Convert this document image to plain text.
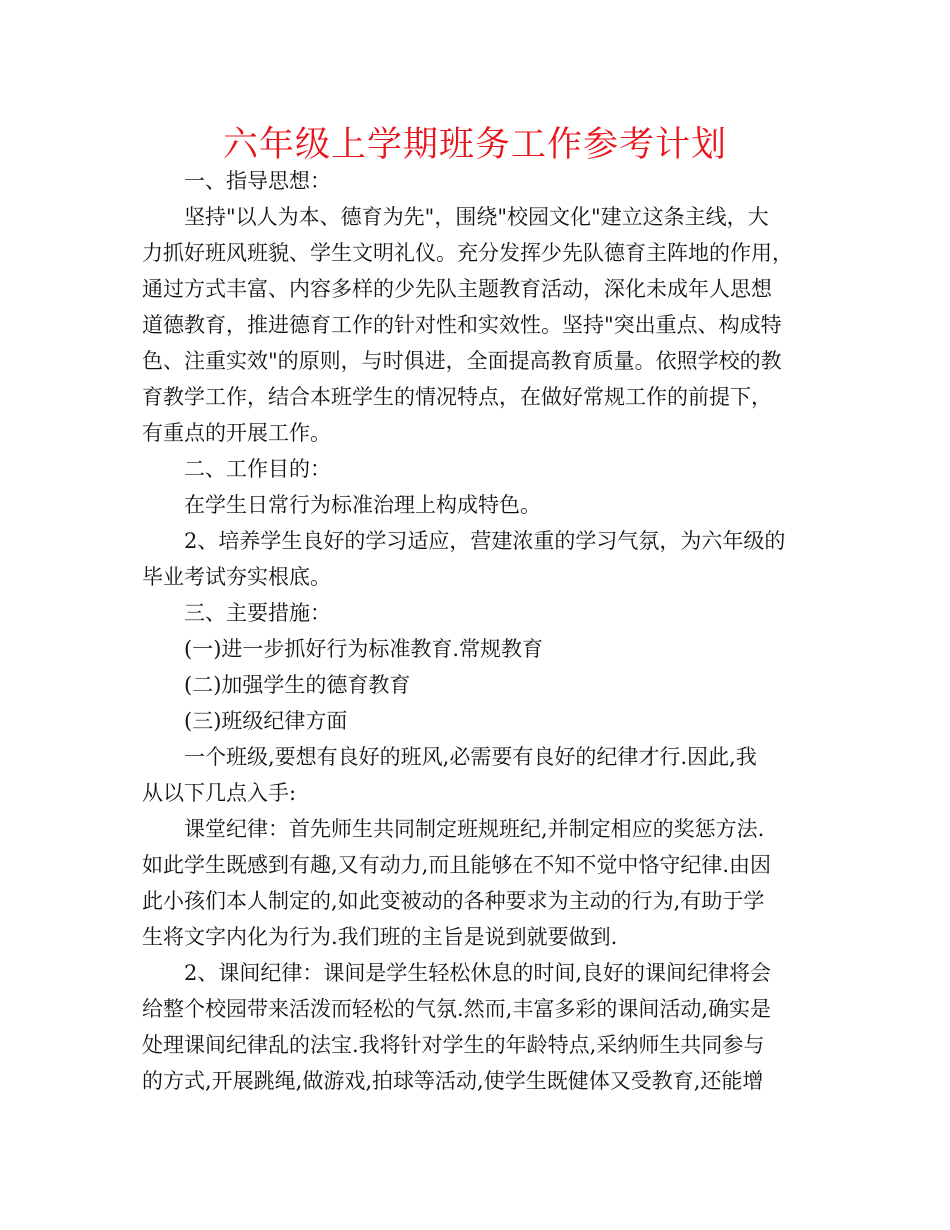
六年级上学期班务工作参考计划

一、指导思想：

坚持"以人为本、德育为先"，围绕"校园文化"建立这条主线，大

力抓好班风班貌、学生文明礼仪。充分发挥少先队德育主阵地的作用，

通过方式丰富、内容多样的少先队主题教育活动，深化未成年人思想

道德教育，推进德育工作的针对性和实效性。坚持"突出重点、构成特

色、注重实效"的原则，与时俱进，全面提高教育质量。依照学校的教

育教学工作，结合本班学生的情况特点，在做好常规工作的前提下，

有重点的开展工作。

二、工作目的：

在学生日常行为标准治理上构成特色。

2、培养学生良好的学习适应，营建浓重的学习气氛，为六年级的

毕业考试夯实根底。

三、主要措施：

(一)进一步抓好行为标准教育.常规教育

(二)加强学生的德育教育

(三)班级纪律方面

一个班级,要想有良好的班风,必需要有良好的纪律才行.因此,我

从以下几点入手:

课堂纪律：首先师生共同制定班规班纪,并制定相应的奖惩方法.

如此学生既感到有趣,又有动力,而且能够在不知不觉中恪守纪律.由因

此小孩们本人制定的,如此变被动的各种要求为主动的行为,有助于学

生将文字内化为行为.我们班的主旨是说到就要做到.

2、课间纪律：课间是学生轻松休息的时间,良好的课间纪律将会

给整个校园带来活泼而轻松的气氛.然而,丰富多彩的课间活动,确实是

处理课间纪律乱的法宝.我将针对学生的年龄特点,采纳师生共同参与

的方式,开展跳绳,做游戏,拍球等活动,使学生既健体又受教育,还能增
